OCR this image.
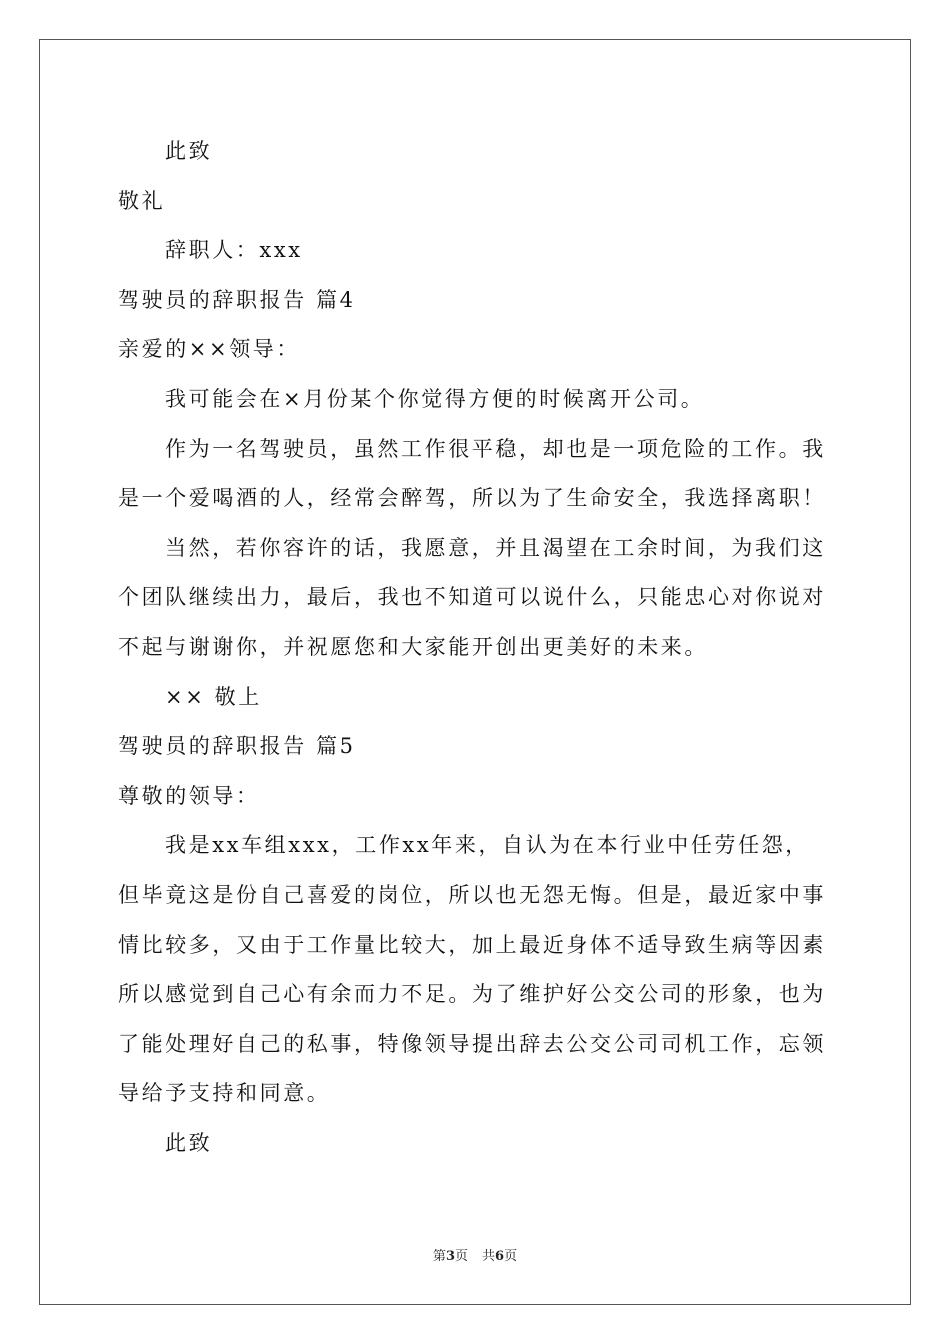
此致
敬礼
辞职人：xxx
驾驶员的辞职报告 篇4
亲爱的××领导：
我可能会在×月份某个你觉得方便的时候离开公司。
作为一名驾驶员，虽然工作很平稳，却也是一项危险的工作。我
是一个爱喝酒的人，经常会醉驾，所以为了生命安全，我选择离职！
当然，若你容许的话，我愿意，并且渴望在工余时间，为我们这
个团队继续出力，最后，我也不知道可以说什么，只能忠心对你说对
不起与谢谢你，并祝愿您和大家能开创出更美好的未来。
×× 敬上
驾驶员的辞职报告 篇5
尊敬的领导：
我是xx车组xxx，工作xx年来，自认为在本行业中任劳任怨，
但毕竟这是份自己喜爱的岗位，所以也无怨无悔。但是，最近家中事
情比较多，又由于工作量比较大，加上最近身体不适导致生病等因素
所以感觉到自己心有余而力不足。为了维护好公交公司的形象，也为
了能处理好自己的私事，特像领导提出辞去公交公司司机工作，忘领
导给予支持和同意。
此致
第3页 共6页
